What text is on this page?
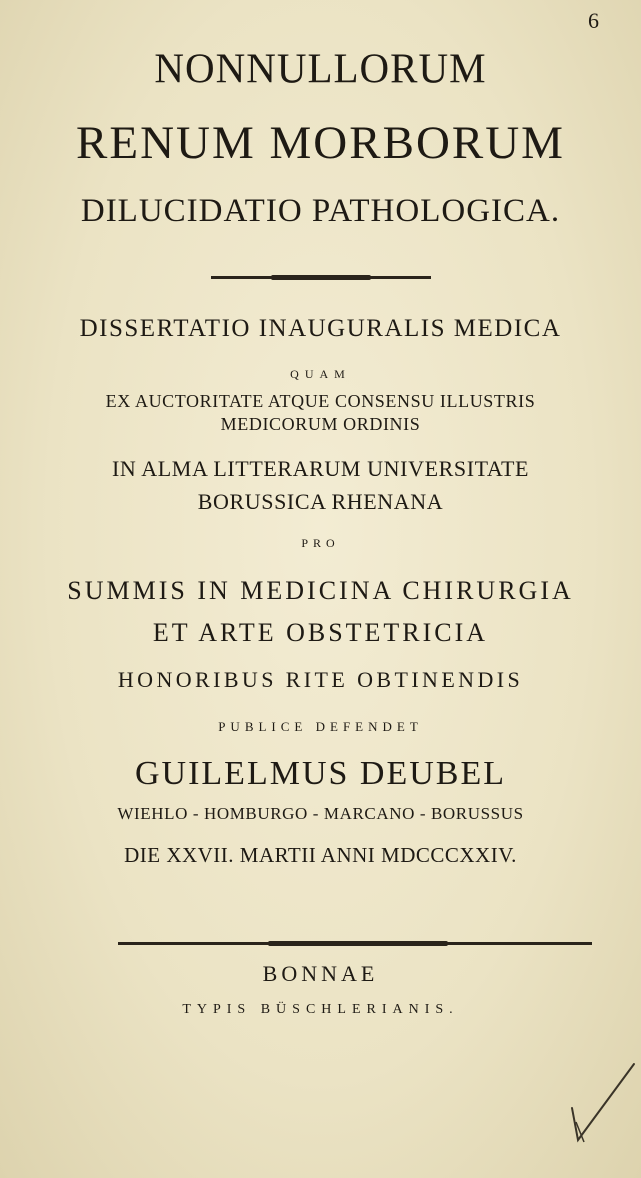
6
NONNULLORUM
RENUM MORBORUM
DILUCIDATIO PATHOLOGICA.
DISSERTATIO INAUGURALIS MEDICA
QUAM
EX AUCTORITATE ATQUE CONSENSU ILLUSTRIS
MEDICORUM ORDINIS
IN ALMA LITTERARUM UNIVERSITATE
BORUSSICA RHENANA
PRO
SUMMIS IN MEDICINA CHIRURGIA
ET ARTE OBSTETRICIA
HONORIBUS RITE OBTINENDIS
PUBLICE DEFENDET
GUILELMUS DEUBEL
WIEHLO - HOMBURGO - MARCANO - BORUSSUS
DIE XXVII. MARTII ANNI MDCCCXXIV.
BONNAE
TYPIS BÜSCHLERIANIS.
